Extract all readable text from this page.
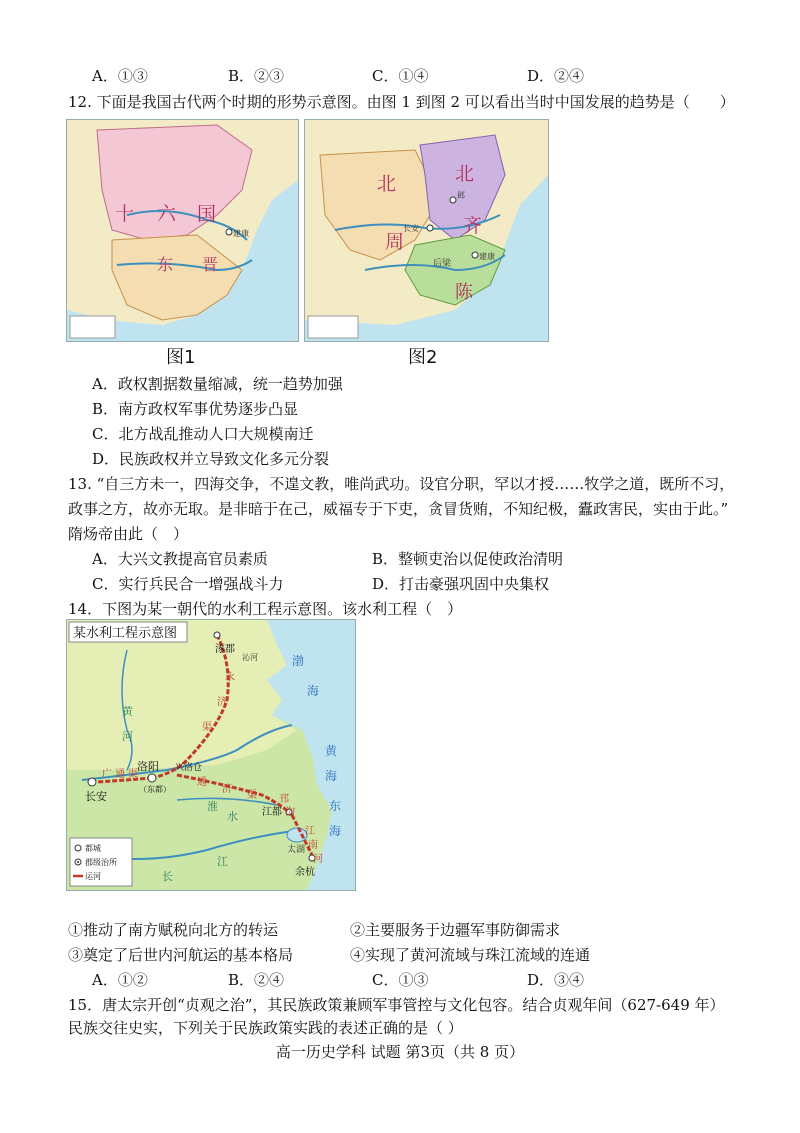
A．①③	B．②③	C．①④	D．②④
12. 下面是我国古代两个时期的形势示意图。由图 1 到图 2 可以看出当时中国发展的趋势是（　　）
十 六 国
东 晋
建康
北
周
北
齐
陈
长安
邺
建康
后梁
图1	图2
A．政权割据数量缩减，统一趋势加强
B．南方政权军事优势逐步凸显
C．北方战乱推动人口大规模南迁
D．民族政权并立导致文化多元分裂
13. “自三方未一，四海交争，不遑文教，唯尚武功。设官分职，罕以才授……牧学之道，既所不习，
政事之方，故亦无取。是非暗于在己，威福专于下吏，贪冒货贿，不知纪极，蠹政害民，实由于此。”
隋炀帝由此（　）
A．大兴文教提高官员素质	B．整顿吏治以促使政治清明
C．实行兵民合一增强战斗力	D．打击豪强巩固中央集权
14．下图为某一朝代的水利工程示意图。该水利工程（　）
某水利工程示意图
涿郡
沁河
洛阳
（东都）
兴洛仓
长安
江都
太湖
余杭
黄
河
淮
水
长
江
渤
海
黄
海
东
海
永
济
渠
通
济
渠
广 通 渠
邗
沟
江
南
河
都城
郡级治所
运河
①推动了南方赋税向北方的转运	②主要服务于边疆军事防御需求
③奠定了后世内河航运的基本格局	④实现了黄河流域与珠江流域的连通
A．①②	B．②④	C．①③	D．③④
15．唐太宗开创“贞观之治”，其民族政策兼顾军事管控与文化包容。结合贞观年间（627-649 年）
民族交往史实，下列关于民族政策实践的表述正确的是（ ）
高一历史学科 试题 第3页（共 8 页）
